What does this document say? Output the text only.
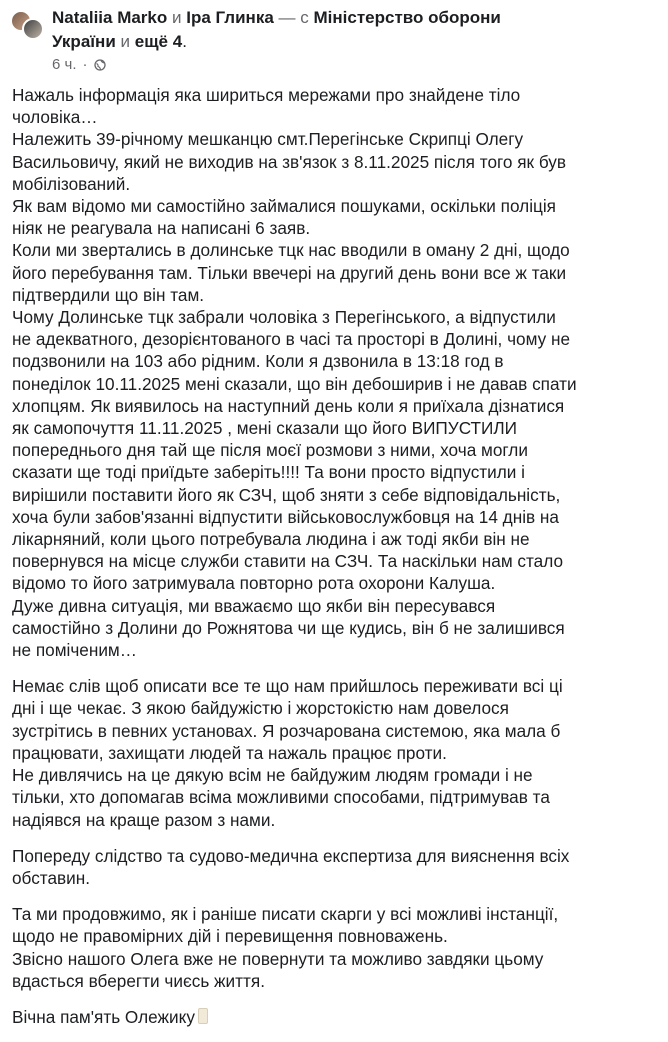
Nataliia Marko и Іра Глинка — с Міністерство оборони
України и ещё 4.
6 ч. ·
Нажаль інформація яка шириться мережами про знайдене тіло
чоловіка…
Належить 39-річному мешканцю смт.Перегінське Скрипці Олегу
Васильовичу, який не виходив на зв'язок з 8.11.2025 після того як був
мобілізований.
Як вам відомо ми самостійно займалися пошуками, оскільки поліція
ніяк не реагувала на написані 6 заяв.
Коли ми звертались в долинське тцк нас вводили в оману 2 дні, щодо
його перебування там. Тільки ввечері на другий день вони все ж таки
підтвердили що він там.
Чому Долинське тцк забрали чоловіка з Перегінського, а відпустили
не адекватного, дезорієнтованого в часі та просторі в Долині, чому не
подзвонили на 103 або рідним. Коли я дзвонила в 13:18 год в
понеділок 10.11.2025 мені сказали, що він дебоширив і не давав спати
хлопцям. Як виявилось на наступний день коли я приїхала дізнатися
як самопочуття 11.11.2025 , мені сказали що його ВИПУСТИЛИ
попереднього дня тай ще після моєї розмови з ними, хоча могли
сказати ще тоді приїдьте заберіть!!!! Та вони просто відпустили і
вирішили поставити його як СЗЧ, щоб зняти з себе відповідальність,
хоча були забов'язанні відпустити військовослужбовця на 14 днів на
лікарняний, коли цього потребувала людина і аж тоді якби він не
повернувся на місце служби ставити на СЗЧ. Та наскільки нам стало
відомо то його затримувала повторно рота охорони Калуша.
Дуже дивна ситуація, ми вважаємо що якби він пересувався
самостійно з Долини до Рожнятова чи ще кудись, він б не залишився
не поміченим…
Немає слів щоб описати все те що нам прийшлось переживати всі ці
дні і ще чекає. З якою байдужістю і жорстокістю нам довелося
зустрітись в певних установах. Я розчарована системою, яка мала б
працювати, захищати людей та нажаль працює проти.
Не дивлячись на це дякую всім не байдужим людям громади і не
тільки, хто допомагав всіма можливими способами, підтримував та
надіявся на краще разом з нами.
Попереду слідство та судово-медична експертиза для вияснення всіх
обставин.
Та ми продовжимо, як і раніше писати скарги у всі можливі інстанції,
щодо не правомірних дій і перевищення повноважень.
Звісно нашого Олега вже не повернути та можливо завдяки цьому
вдасться вберегти чиєсь життя.
Вічна пам'ять Олежику
